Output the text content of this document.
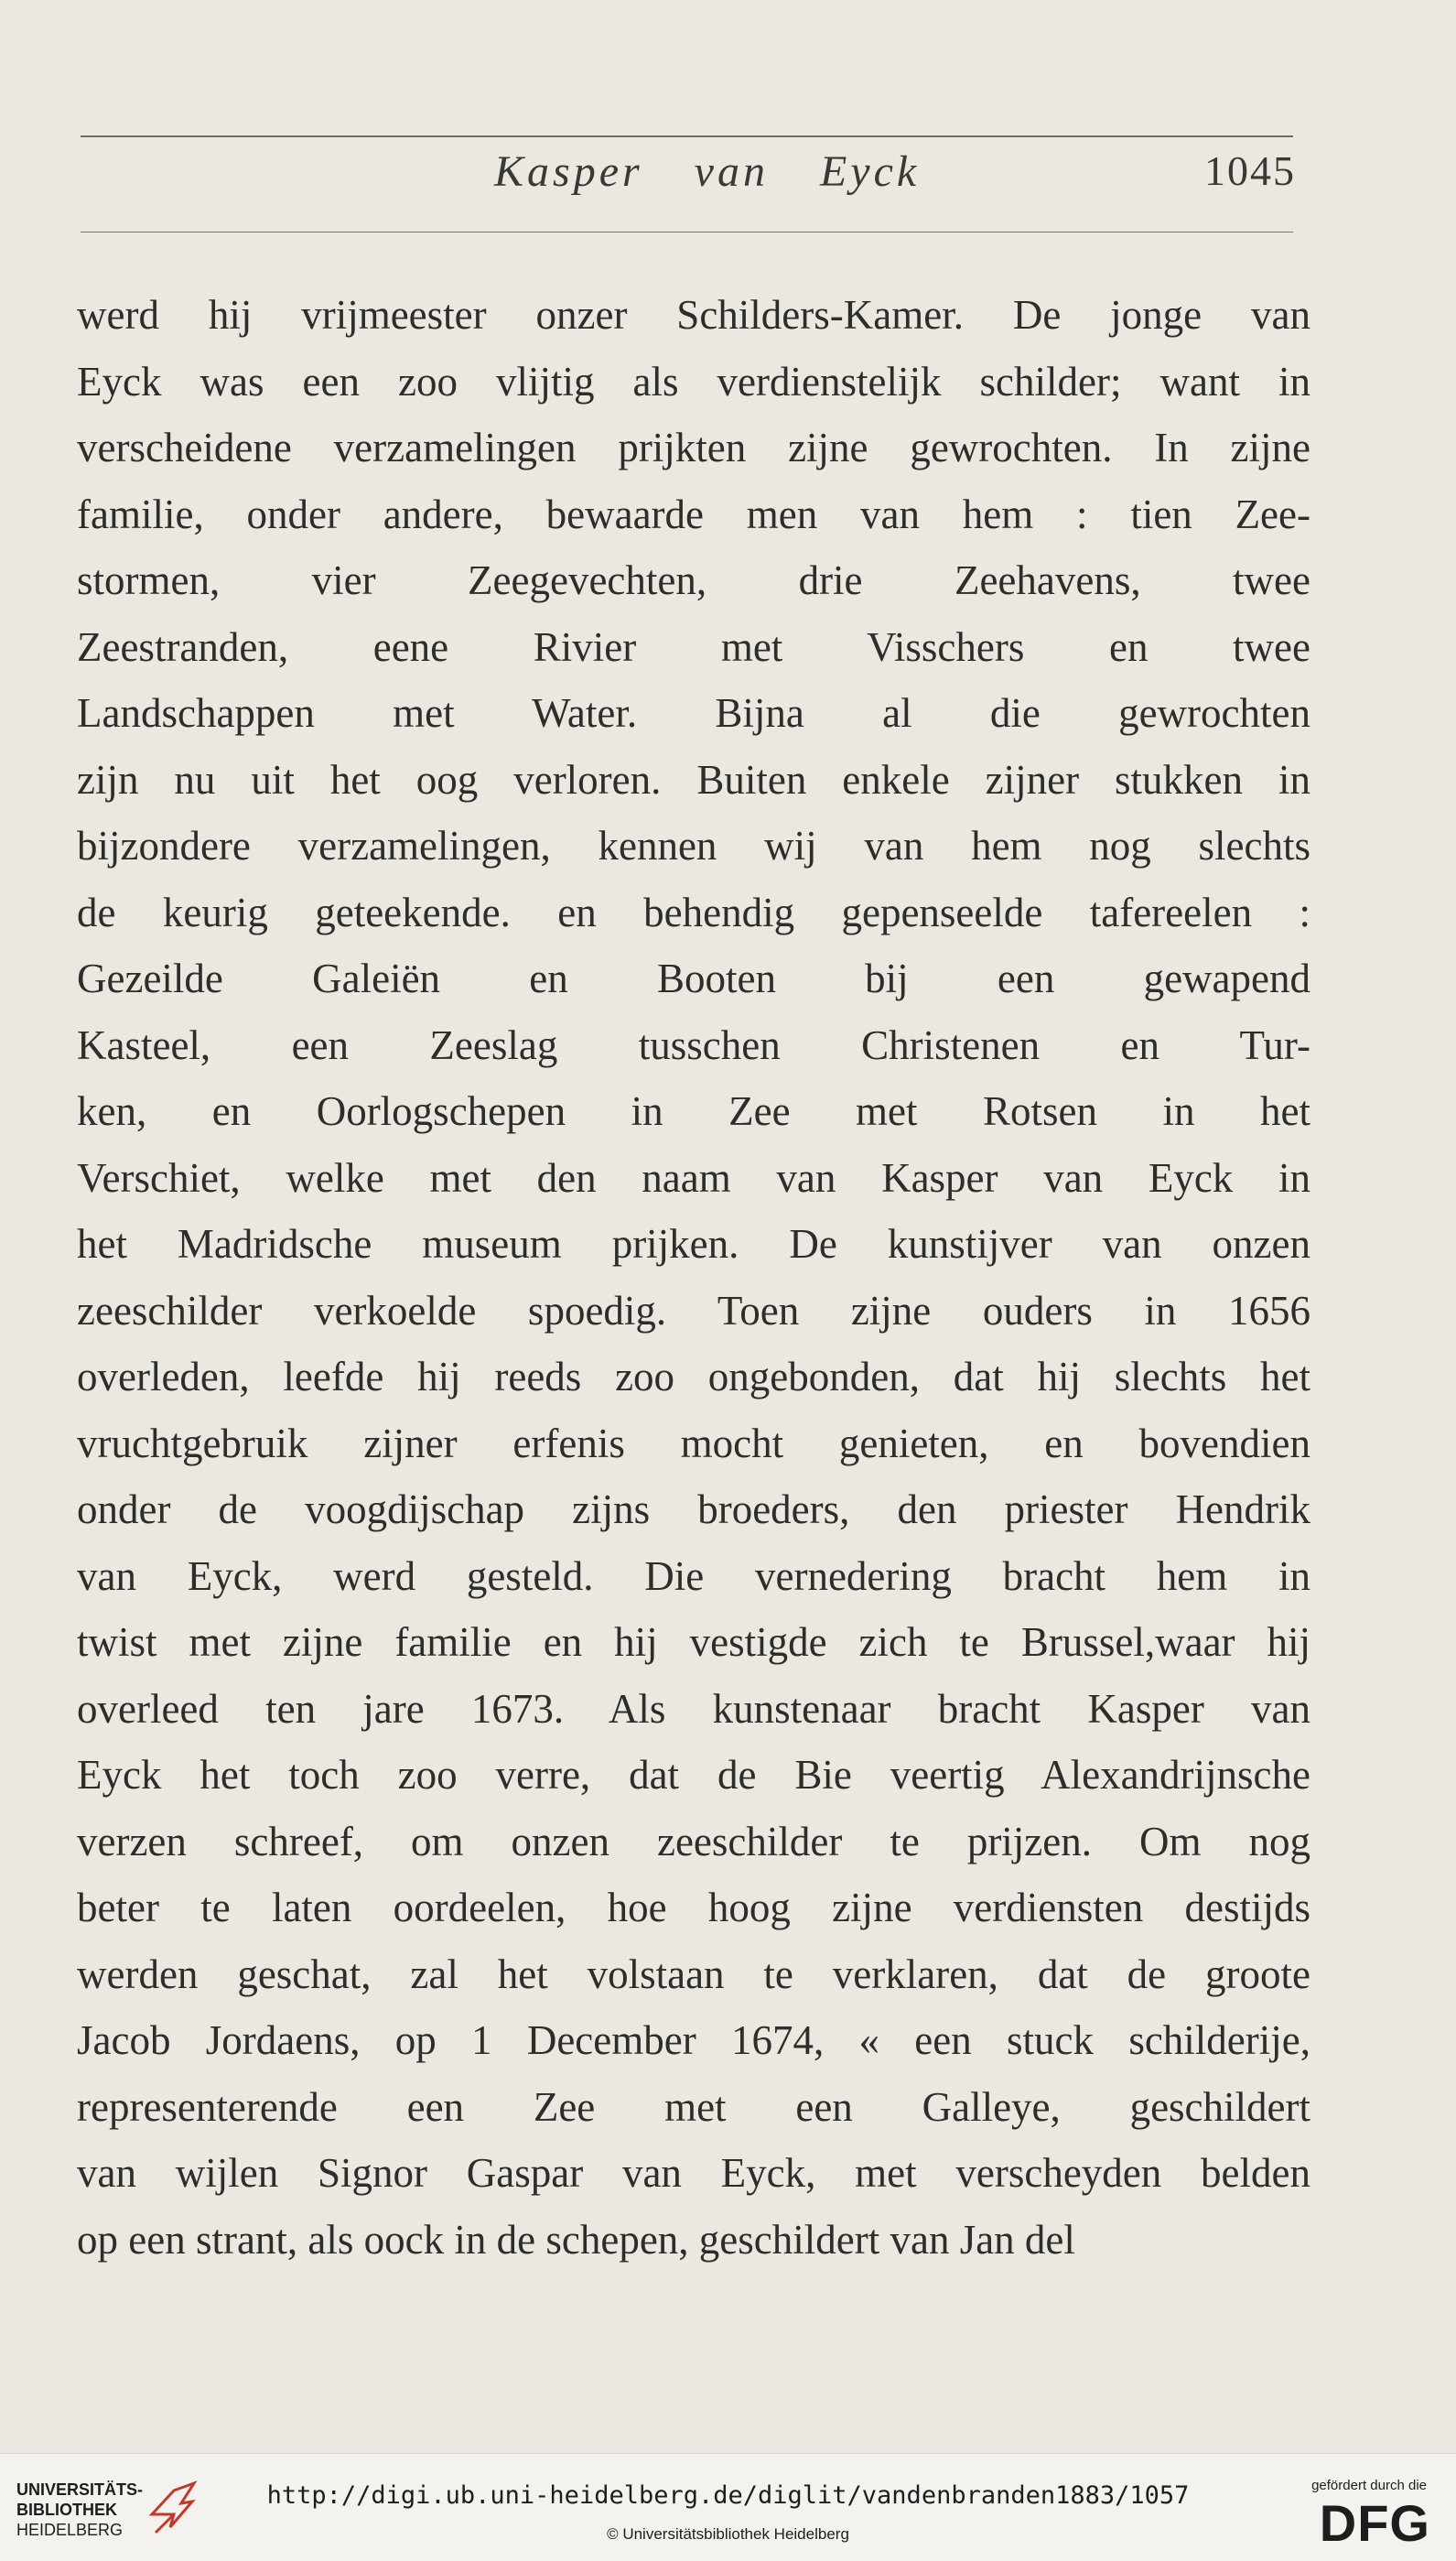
Kasper van Eyck	1045
werd hij vrijmeester onzer Schilders-Kamer. De jonge van
Eyck was een zoo vlijtig als verdienstelijk schilder; want in
verscheidene verzamelingen prijkten zijne gewrochten. In zijne
familie, onder andere, bewaarde men van hem : tien Zee-
stormen, vier Zeegevechten, drie Zeehavens, twee
Zeestranden, eene Rivier met Visschers en twee
Landschappen met Water. Bijna al die gewrochten
zijn nu uit het oog verloren. Buiten enkele zijner stukken in
bijzondere verzamelingen, kennen wij van hem nog slechts
de keurig geteekende. en behendig gepenseelde tafereelen :
Gezeilde Galeiën en Booten bij een gewapend
Kasteel, een Zeeslag tusschen Christenen en Tur-
ken, en Oorlogschepen in Zee met Rotsen in het
Verschiet, welke met den naam van Kasper van Eyck in
het Madridsche museum prijken. De kunstijver van onzen
zeeschilder verkoelde spoedig. Toen zijne ouders in 1656
overleden, leefde hij reeds zoo ongebonden, dat hij slechts het
vruchtgebruik zijner erfenis mocht genieten, en bovendien
onder de voogdijschap zijns broeders, den priester Hendrik
van Eyck, werd gesteld. Die vernedering bracht hem in
twist met zijne familie en hij vestigde zich te Brussel,waar hij
overleed ten jare 1673. Als kunstenaar bracht Kasper van
Eyck het toch zoo verre, dat de Bie veertig Alexandrijnsche
verzen schreef, om onzen zeeschilder te prijzen. Om nog
beter te laten oordeelen, hoe hoog zijne verdiensten destijds
werden geschat, zal het volstaan te verklaren, dat de groote
Jacob Jordaens, op 1 December 1674, « een stuck schilderije,
representerende een Zee met een Galleye, geschildert
van wijlen Signor Gaspar van Eyck, met verscheyden belden
op een strant, als oock in de schepen, geschildert van Jan del
UNIVERSITÄTS-
BIBLIOTHEK
HEIDELBERG
http://digi.ub.uni-heidelberg.de/diglit/vandenbranden1883/1057
© Universitätsbibliothek Heidelberg
gefördert durch die
DFG
